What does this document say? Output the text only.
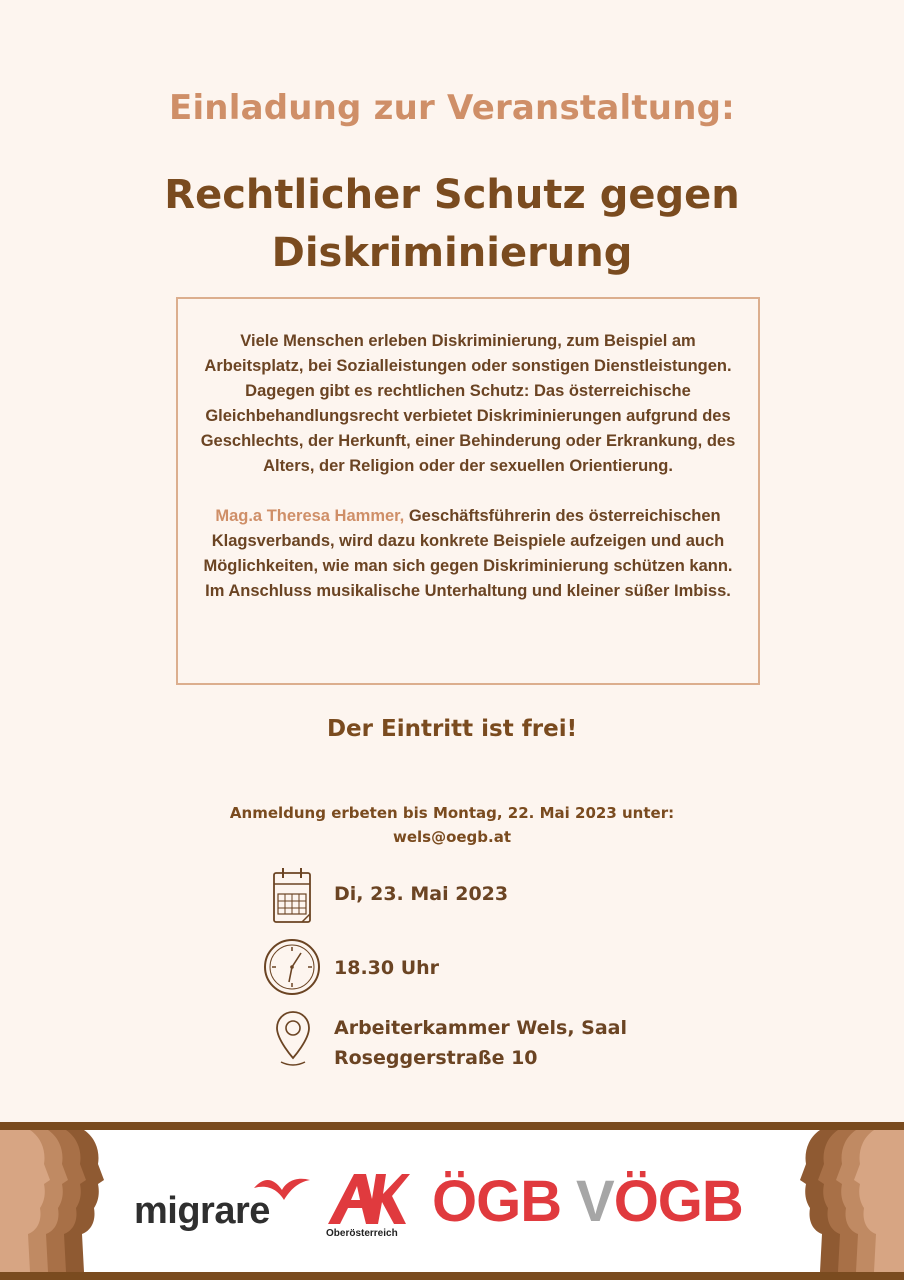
Einladung zur Veranstaltung:
Rechtlicher Schutz gegen
Diskriminierung

Viele Menschen erleben Diskriminierung, zum Beispiel am Arbeitsplatz, bei Sozialleistungen oder sonstigen Dienstleistungen. Dagegen gibt es rechtlichen Schutz: Das österreichische Gleichbehandlungsrecht verbietet Diskriminierungen aufgrund des Geschlechts, der Herkunft, einer Behinderung oder Erkrankung, des Alters, der Religion oder der sexuellen Orientierung.

Mag.a Theresa Hammer, Geschäftsführerin des österreichischen Klagsverbands, wird dazu konkrete Beispiele aufzeigen und auch Möglichkeiten, wie man sich gegen Diskriminierung schützen kann. Im Anschluss musikalische Unterhaltung und kleiner süßer Imbiss.

Der Eintritt ist frei!
Anmeldung erbeten bis Montag, 22. Mai 2023 unter:
wels@oegb.at
Di, 23. Mai 2023
18.30 Uhr
Arbeiterkammer Wels, Saal
Roseggerstraße 10
migrare
Oberösterreich ÖGB VÖGB
